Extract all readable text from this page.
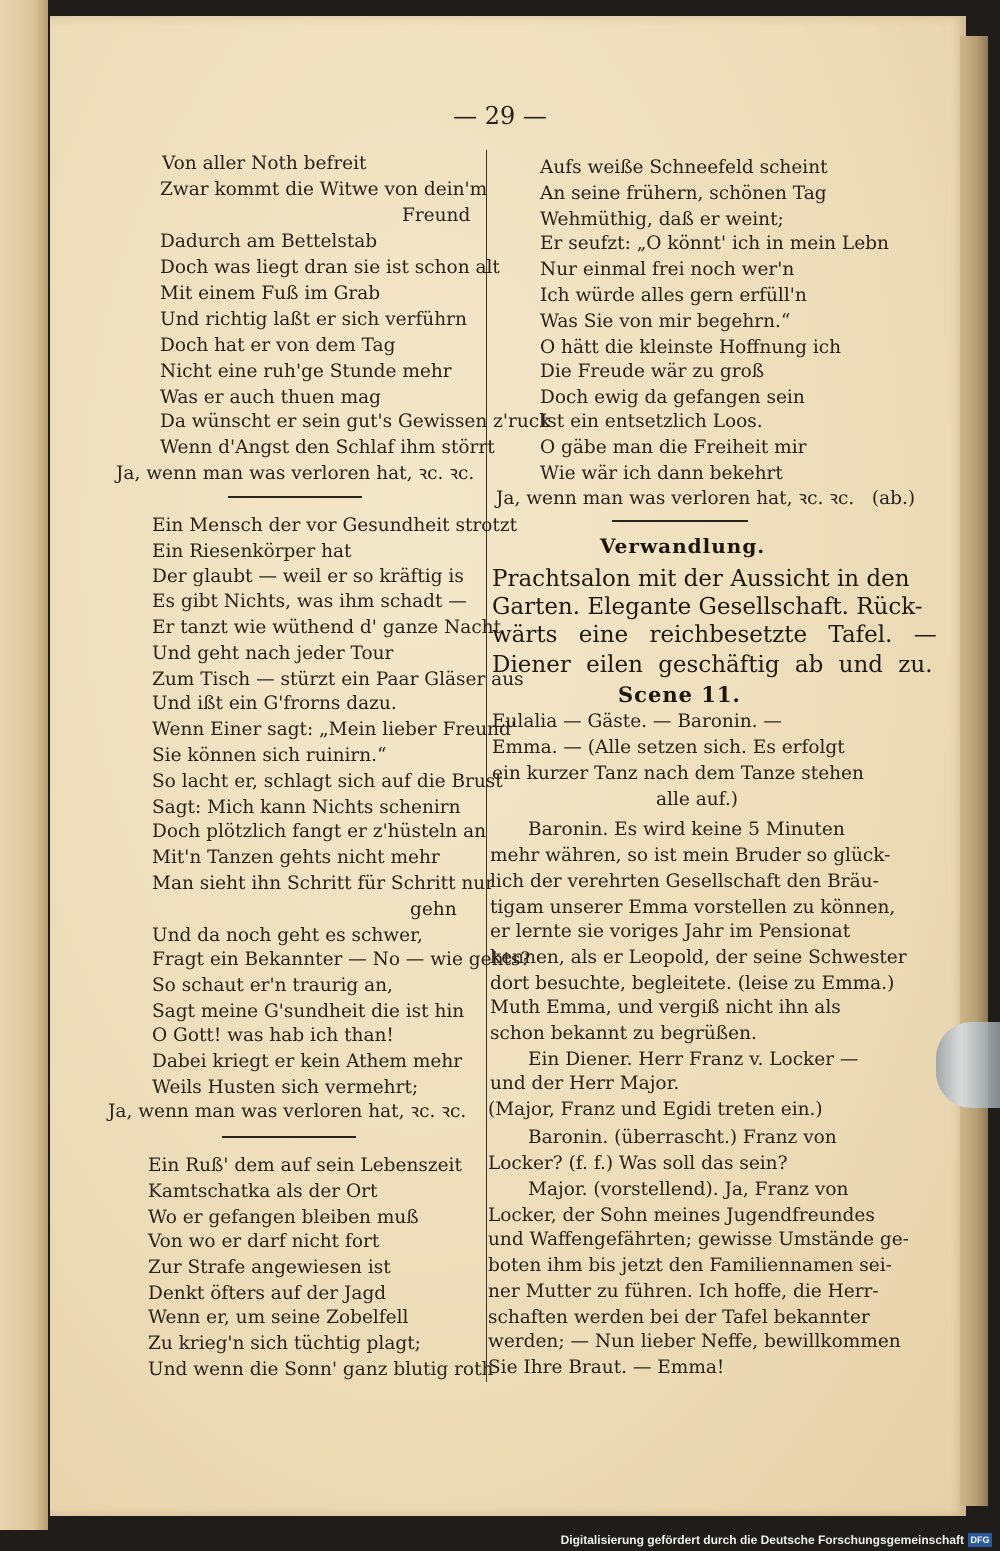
— 29 —
Von aller Noth befreit
Zwar kommt die Witwe von dein'm
Freund
Dadurch am Bettelstab
Doch was liegt dran sie ist schon alt
Mit einem Fuß im Grab
Und richtig laßt er sich verführn
Doch hat er von dem Tag
Nicht eine ruh'ge Stunde mehr
Was er auch thuen mag
Da wünscht er sein gut's Gewissen z'ruck
Wenn d'Angst den Schlaf ihm störrt
Ja, wenn man was verloren hat, ꝛc. ꝛc.
Ein Mensch der vor Gesundheit strotzt
Ein Riesenkörper hat
Der glaubt — weil er so kräftig is
Es gibt Nichts, was ihm schadt —
Er tanzt wie wüthend d' ganze Nacht
Und geht nach jeder Tour
Zum Tisch — stürzt ein Paar Gläser aus
Und ißt ein G'frorns dazu.
Wenn Einer sagt: „Mein lieber Freund'
Sie können sich ruinirn.“
So lacht er, schlagt sich auf die Brust
Sagt: Mich kann Nichts schenirn
Doch plötzlich fangt er z'hüsteln an
Mit'n Tanzen gehts nicht mehr
Man sieht ihn Schritt für Schritt nur
gehn
Und da noch geht es schwer,
Fragt ein Bekannter — No — wie gehts?
So schaut er'n traurig an,
Sagt meine G'sundheit die ist hin
O Gott! was hab ich than!
Dabei kriegt er kein Athem mehr
Weils Husten sich vermehrt;
Ja, wenn man was verloren hat, ꝛc. ꝛc.
Ein Ruß' dem auf sein Lebenszeit
Kamtschatka als der Ort
Wo er gefangen bleiben muß
Von wo er darf nicht fort
Zur Strafe angewiesen ist
Denkt öfters auf der Jagd
Wenn er, um seine Zobelfell
Zu krieg'n sich tüchtig plagt;
Und wenn die Sonn' ganz blutig roth
Aufs weiße Schneefeld scheint
An seine frühern, schönen Tag
Wehmüthig, daß er weint;
Er seufzt: „O könnt' ich in mein Lebn
Nur einmal frei noch wer'n
Ich würde alles gern erfüll'n
Was Sie von mir begehrn.“
O hätt die kleinste Hoffnung ich
Die Freude wär zu groß
Doch ewig da gefangen sein
Ist ein entsetzlich Loos.
O gäbe man die Freiheit mir
Wie wär ich dann bekehrt
Ja, wenn man was verloren hat, ꝛc. ꝛc.   (ab.)
Verwandlung.
Prachtsalon mit der Aussicht in den
Garten. Elegante Gesellschaft. Rück-
wärts eine reichbesetzte Tafel. —
Diener eilen geschäftig ab und zu.
Scene 11.
Eulalia — Gäste. — Baronin. —
Emma. — (Alle setzen sich. Es erfolgt
ein kurzer Tanz nach dem Tanze stehen
alle auf.)
Baronin. Es wird keine 5 Minuten
mehr währen, so ist mein Bruder so glück-
lich der verehrten Gesellschaft den Bräu-
tigam unserer Emma vorstellen zu können,
er lernte sie voriges Jahr im Pensionat
kennen, als er Leopold, der seine Schwester
dort besuchte, begleitete. (leise zu Emma.)
Muth Emma, und vergiß nicht ihn als
schon bekannt zu begrüßen.
Ein Diener. Herr Franz v. Locker —
und der Herr Major.
(Major, Franz und Egidi treten ein.)
Baronin. (überrascht.) Franz von
Locker? (f. f.) Was soll das sein?
Major. (vorstellend). Ja, Franz von
Locker, der Sohn meines Jugendfreundes
und Waffengefährten; gewisse Umstände ge-
boten ihm bis jetzt den Familiennamen sei-
ner Mutter zu führen. Ich hoffe, die Herr-
schaften werden bei der Tafel bekannter
werden; — Nun lieber Neffe, bewillkommen
Sie Ihre Braut. — Emma!
Digitalisierung gefördert durch die Deutsche Forschungsgemeinschaft DFG
